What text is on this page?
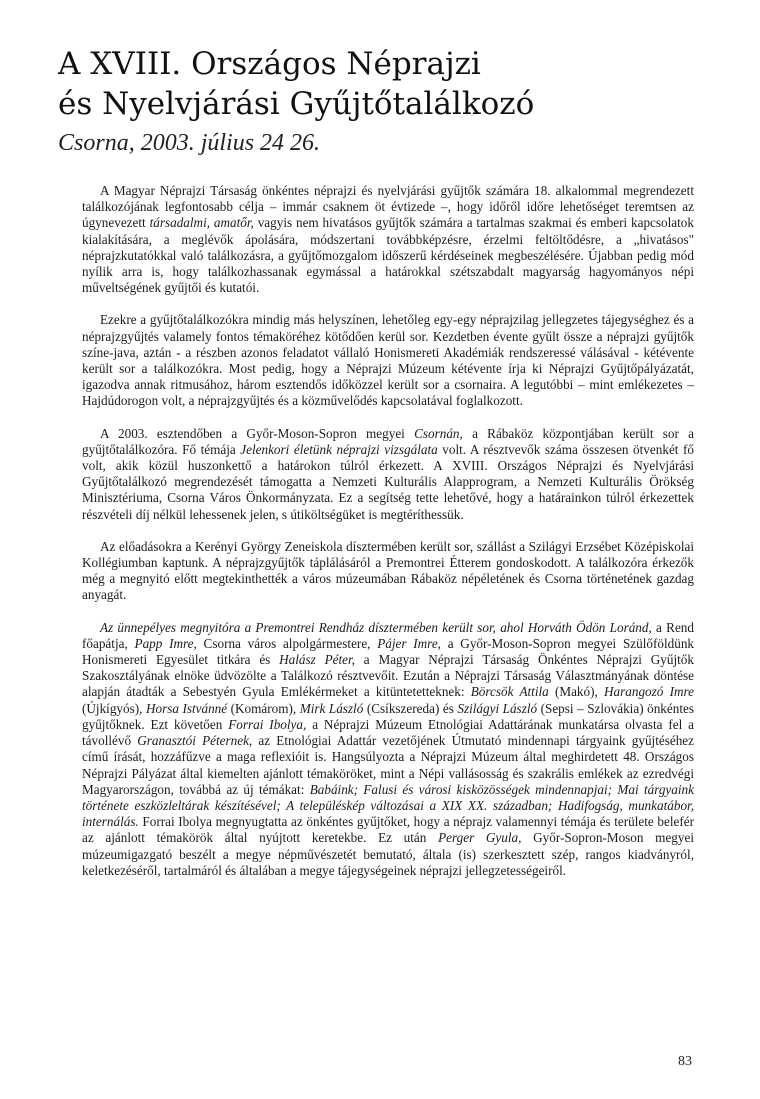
A XVIII. Országos Néprajzi
és Nyelvjárási Gyűjtőtalálkozó
Csorna, 2003. július 24 26.

A Magyar Néprajzi Társaság önkéntes néprajzi és nyelvjárási gyűjtők számára 18. alkalommal megrendezett találkozójának legfontosabb célja – immár csaknem öt évtizede –, hogy időről időre lehetőséget teremtsen az úgynevezett társadalmi, amatőr, vagyis nem hivatásos gyűjtők számára a tartalmas szakmai és emberi kapcsolatok kialakítására, a meglévők ápolására, módszertani továbbképzésre, érzelmi feltöltődésre, a „hivatásos" néprajzkutatókkal való találkozásra, a gyűjtőmozgalom időszerű kérdéseinek megbeszélésére. Újabban pedig mód nyílik arra is, hogy találkozhassanak egymással a határokkal szétszabdalt magyarság hagyományos népi műveltségének gyűjtői és kutatói.

Ezekre a gyűjtőtalálkozókra mindig más helyszínen, lehetőleg egy-egy néprajzilag jellegzetes tájegységhez és a néprajzgyűjtés valamely fontos témaköréhez kötődően kerül sor. Kezdetben évente gyűlt össze a néprajzi gyűjtők színe-java, aztán - a részben azonos feladatot vállaló Honismereti Akadémiák rendszeressé válásával - kétévente került sor a találkozókra. Most pedig, hogy a Néprajzi Múzeum kétévente írja ki Néprajzi Gyűjtőpályázatát, igazodva annak ritmusához, három esztendős időközzel került sor a csornaira. A legutóbbi – mint emlékezetes – Hajdúdorogon volt, a néprajzgyűjtés és a közművelődés kapcsolatával foglalkozott.

A 2003. esztendőben a Győr-Moson-Sopron megyei Csornán, a Rábaköz központjában került sor a gyűjtőtalálkozóra. Fő témája Jelenkori életünk néprajzi vizsgálata volt. A résztvevők száma összesen ötvenkét fő volt, akik közül huszonkettő a határokon túlról érkezett. A XVIII. Országos Néprajzi és Nyelvjárási Gyűjtőtalálkozó megrendezését támogatta a Nemzeti Kulturális Alapprogram, a Nemzeti Kulturális Örökség Minisztériuma, Csorna Város Önkormányzata. Ez a segítség tette lehetővé, hogy a határainkon túlról érkezettek részvételi díj nélkül lehessenek jelen, s útiköltségüket is megtéríthessük.

Az előadásokra a Kerényi György Zeneiskola dísztermében került sor, szállást a Szilágyi Erzsébet Középiskolai Kollégiumban kaptunk. A néprajzgyűjtők táplálásáról a Premontrei Étterem gondoskodott. A találkozóra érkezők még a megnyitó előtt megtekinthették a város múzeumában Rábaköz népéletének és Csorna történetének gazdag anyagát.

Az ünnepélyes megnyitóra a Premontrei Rendház dísztermében került sor, ahol Horváth Ödön Loránd, a Rend főapátja, Papp Imre, Csorna város alpolgármestere, Pájer Imre, a Győr-Moson-Sopron megyei Szülőföldünk Honismereti Egyesület titkára és Halász Péter, a Magyar Néprajzi Társaság Önkéntes Néprajzi Gyűjtők Szakosztályának elnöke üdvözölte a Találkozó résztvevőit. Ezután a Néprajzi Társaság Választmányának döntése alapján átadták a Sebestyén Gyula Emlékérmeket a kitüntetetteknek: Börcsök Attila (Makó), Harangozó Imre (Újkígyós), Horsa Istvánné (Komárom), Mirk László (Csíkszereda) és Szilágyi László (Sepsi – Szlovákia) önkéntes gyűjtőknek. Ezt követően Forrai Ibolya, a Néprajzi Múzeum Etnológiai Adattárának munkatársa olvasta fel a távollévő Granasztói Péternek, az Etnológiai Adattár vezetőjének Útmutató mindennapi tárgyaink gyűjtéséhez című írását, hozzáfűzve a maga reflexióit is. Hangsúlyozta a Néprajzi Múzeum által meghirdetett 48. Országos Néprajzi Pályázat által kiemelten ajánlott témaköröket, mint a Népi vallásosság és szakrális emlékek az ezredvégi Magyarországon, továbbá az új témákat: Babáink; Falusi és városi kisközösségek mindennapjai; Mai tárgyaink története eszközleltárak készítésével; A településkép változásai a XIX XX. században; Hadifogság, munkatábor, internálás. Forrai Ibolya megnyugtatta az önkéntes gyűjtőket, hogy a néprajz valamennyi témája és területe belefér az ajánlott témakörök által nyújtott keretekbe. Ez után Perger Gyula, Győr-Sopron-Moson megyei múzeumigazgató beszélt a megye népművészetét bemutató, általa (is) szerkesztett szép, rangos kiadványról, keletkezéséről, tartalmáról és általában a megye tájegységeinek néprajzi jellegzetességeiről.

83
